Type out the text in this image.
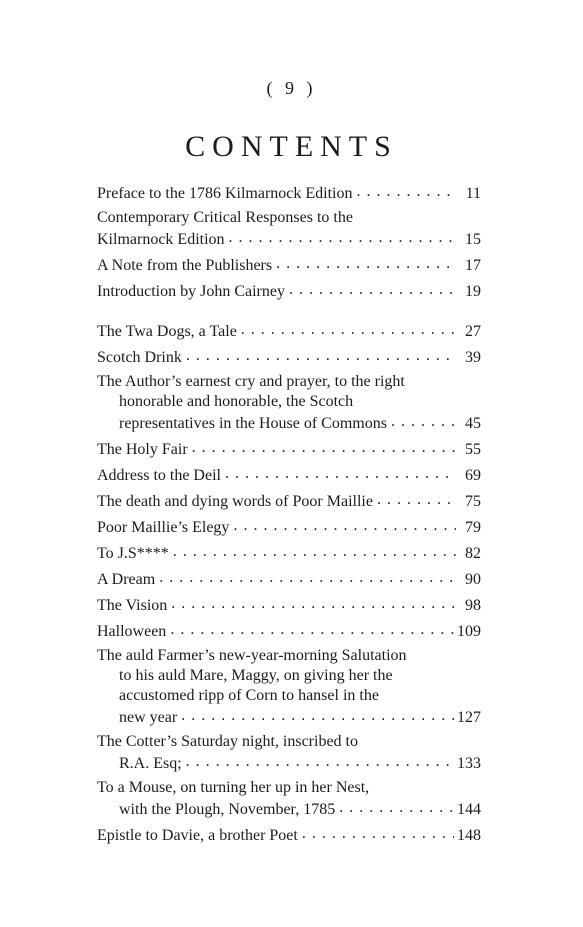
( 9 )
CONTENTS
Preface to the 1786 Kilmarnock Edition . . .	11
Contemporary Critical Responses to the
Kilmarnock Edition . . .	15
A Note from the Publishers . . .	17
Introduction by John Cairney . . .	19
The Twa Dogs, a Tale . . .	27
Scotch Drink . . .	39
The Author’s earnest cry and prayer, to the right
honorable and honorable, the Scotch
representatives in the House of Commons . . .	45
The Holy Fair . . .	55
Address to the Deil . . .	69
The death and dying words of Poor Maillie . . .	75
Poor Maillie’s Elegy . . .	79
To J.S**** . . .	82
A Dream . . .	90
The Vision . . .	98
Halloween . . .	109
The auld Farmer’s new-year-morning Salutation
to his auld Mare, Maggy, on giving her the
accustomed ripp of Corn to hansel in the
new year . . .	127
The Cotter’s Saturday night, inscribed to
R.A. Esq; . . .	133
To a Mouse, on turning her up in her Nest,
with the Plough, November, 1785 . . .	144
Epistle to Davie, a brother Poet . . .	148
